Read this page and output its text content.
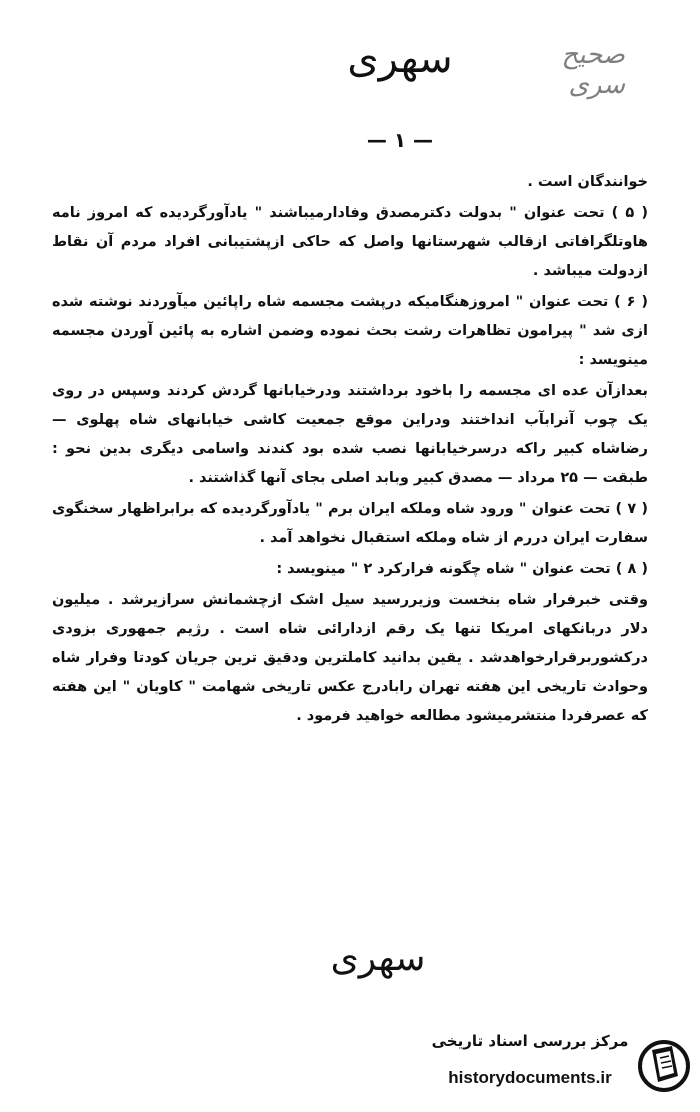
سهری	صحیح سری
— ۱ —

خوانندگان است .

( ۵ ) تحت عنوان " بدولت دکترمصدق وفادارمیباشند " یادآورگردیده که امروز نامه هاوتلگرافاتی ازقالب شهرستانها واصل که حاکی ازپشتیبانی افراد مردم آن نقاط ازدولت میباشد .

( ۶ ) تحت عنوان " امروزهنگامیکه درپشت مجسمه شاه راپائین میآوردند نوشته شده ازی شد " پیرامون تظاهرات رشت بحث نموده وضمن اشاره به پائین آوردن مجسمه مینویسد :

بعدازآن عده ای مجسمه را باخود برداشتند ودرخیابانها گردش کردند وسپس در روی یک چوب آنرابآب انداختند ودراین موقع جمعیت کاشی خیابانهای شاه پهلوی — رضاشاه کبیر راکه درسرخیابانها نصب شده بود کندند واسامی دیگری بدین نحو : طبقت — ۲۵ مرداد — مصدق کبیر وبابد اصلی بجای آنها گذاشتند .

( ۷ ) تحت عنوان " ورود شاه وملکه ایران برم " یادآورگردیده که برابراظهار سخنگوی سفارت ایران دررم از شاه وملکه استقبال نخواهد آمد .

( ۸ ) تحت عنوان " شاه چگونه فرارکرد ۲ " مینویسد :

وقتی خبرفرار شاه بنخست وزیررسید سیل اشک ازچشمانش سرازیرشد . میلیون دلار دربانکهای امریکا تنها یک رقم ازدارائی شاه است . رژیم جمهوری بزودی درکشوربرقرارخواهدشد . یقین بدانید کاملترین ودقیق ترین جریان کودتا وفرار شاه وحوادث تاریخی این هفته تهران رابادرج عکس تاریخی شهامت " کاویان " این هفته که عصرفردا منتشرمیشود مطالعه خواهید فرمود .

سهری
مرکز بررسی اسناد تاریخی
historydocuments.ir
